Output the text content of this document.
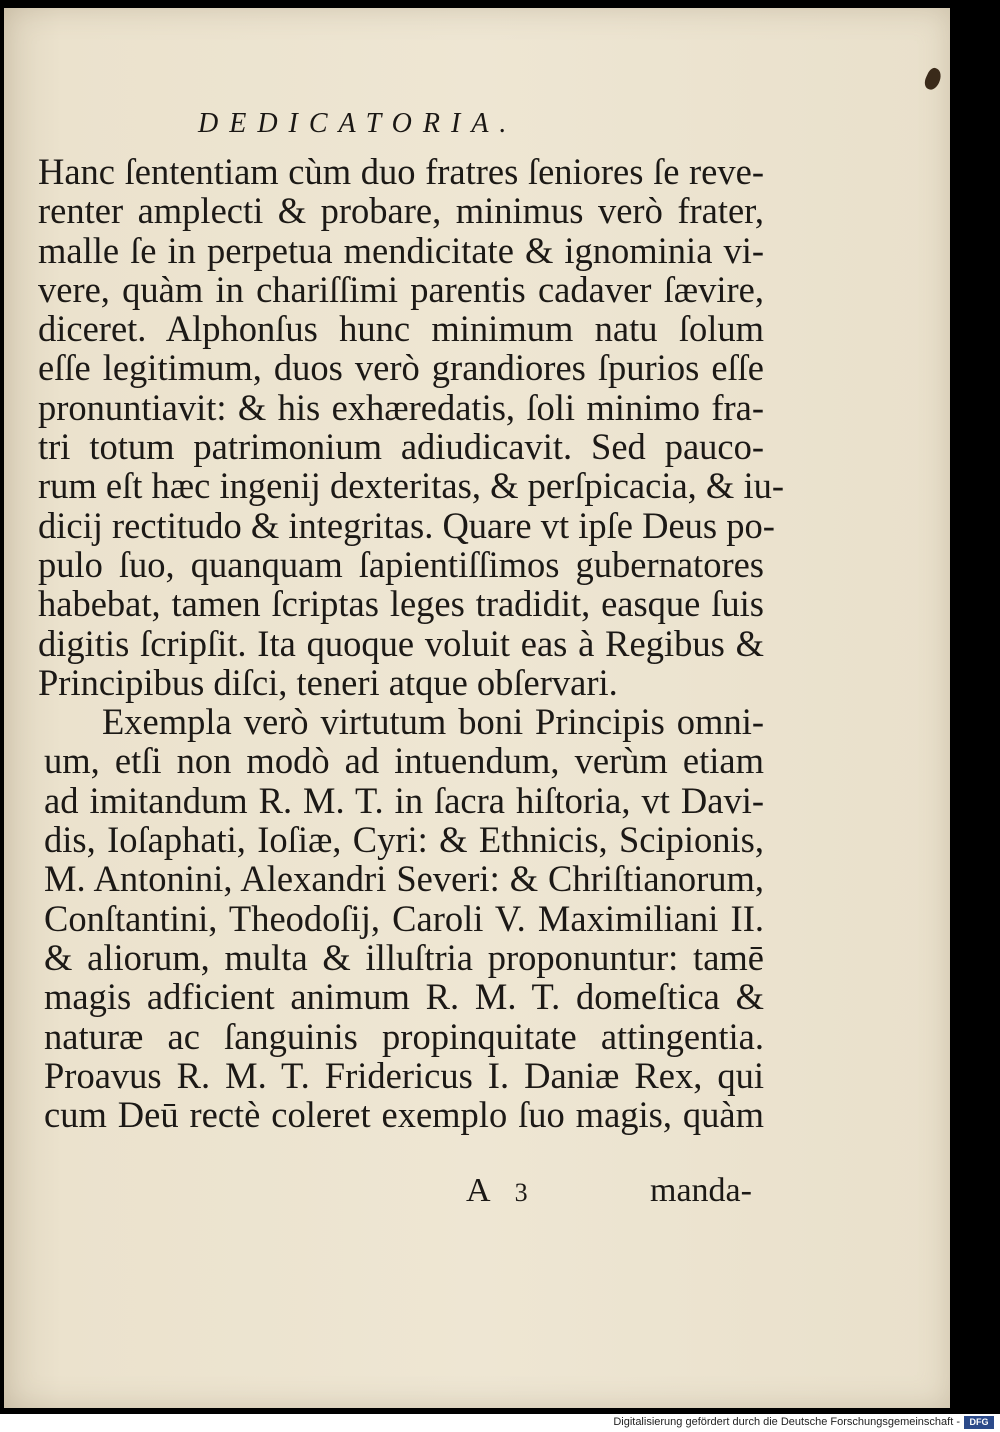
DEDICATORIA.
Hanc ſententiam cùm duo fratres ſeniores ſe reve-
renter amplecti & probare, minimus verò frater,
malle ſe in perpetua mendicitate & ignominia vi-
vere, quàm in chariſſimi parentis cadaver ſævire,
diceret. Alphonſus hunc minimum natu ſolum
eſſe legitimum, duos verò grandiores ſpurios eſſe
pronuntiavit: & his exhæredatis, ſoli minimo fra-
tri totum patrimonium adiudicavit. Sed pauco-
rum eſt hæc ingenij dexteritas, & perſpicacia, & iu-
dicij rectitudo & integritas. Quare vt ipſe Deus po-
pulo ſuo, quanquam ſapientiſſimos gubernatores
habebat, tamen ſcriptas leges tradidit, easque ſuis
digitis ſcripſit. Ita quoque voluit eas à Regibus &
Principibus diſci, teneri atque obſervari.
Exempla verò virtutum boni Principis omni-
um, etſi non modò ad intuendum, verùm etiam
ad imitandum R. M. T. in ſacra hiſtoria, vt Davi-
dis, Ioſaphati, Ioſiæ, Cyri: & Ethnicis, Scipionis,
M. Antonini, Alexandri Severi: & Chriſtianorum,
Conſtantini, Theodoſij, Caroli V. Maximiliani II.
& aliorum, multa & illuſtria proponuntur: tamē
magis adficient animum R. M. T. domeſtica &
naturæ ac ſanguinis propinquitate attingentia.
Proavus R. M. T. Fridericus I. Daniæ Rex, qui
cum Deū rectè coleret exemplo ſuo magis, quàm
A 3	manda-
Digitalisierung gefördert durch die Deutsche Forschungsgemeinschaft -	DFG
